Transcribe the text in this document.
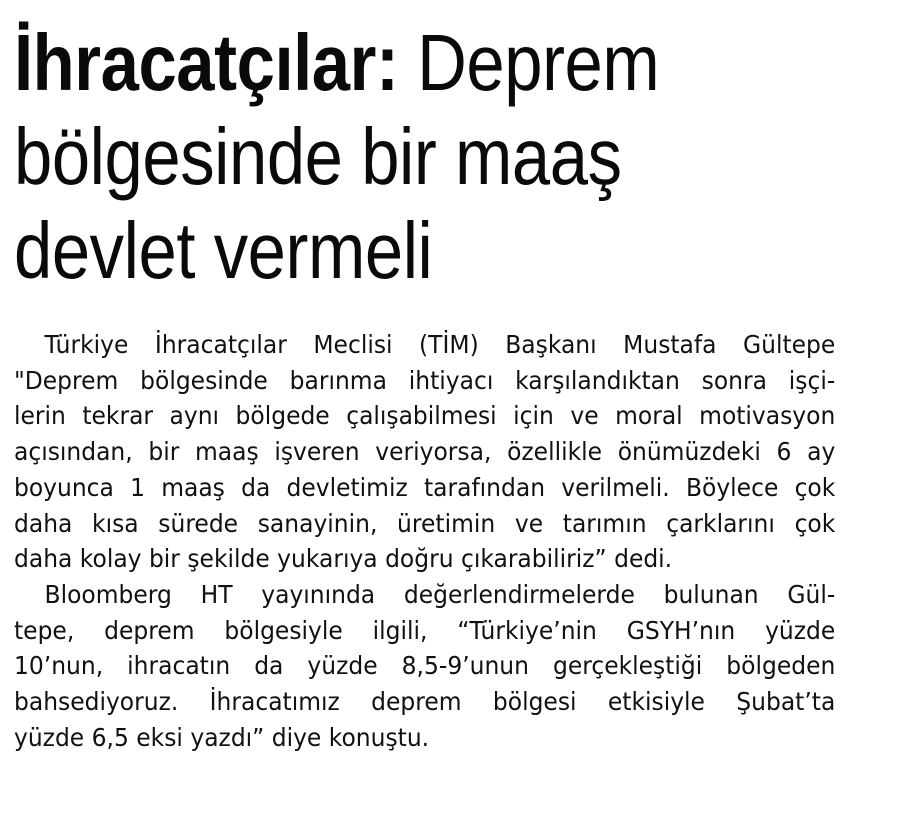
İhracatçılar: Deprem
bölgesinde bir maaş
devlet vermeli

Türkiye İhracatçılar Meclisi (TİM) Başkanı Mustafa Gültepe
"Deprem bölgesinde barınma ihtiyacı karşılandıktan sonra işçi-
lerin tekrar aynı bölgede çalışabilmesi için ve moral motivasyon
açısından, bir maaş işveren veriyorsa, özellikle önümüzdeki 6 ay
boyunca 1 maaş da devletimiz tarafından verilmeli. Böylece çok
daha kısa sürede sanayinin, üretimin ve tarımın çarklarını çok
daha kolay bir şekilde yukarıya doğru çıkarabiliriz” dedi.

Bloomberg HT yayınında değerlendirmelerde bulunan Gül-
tepe, deprem bölgesiyle ilgili, “Türkiye’nin GSYH’nın yüzde
10’nun, ihracatın da yüzde 8,5-9’unun gerçekleştiği bölgeden
bahsediyoruz. İhracatımız deprem bölgesi etkisiyle Şubat’ta
yüzde 6,5 eksi yazdı” diye konuştu.
